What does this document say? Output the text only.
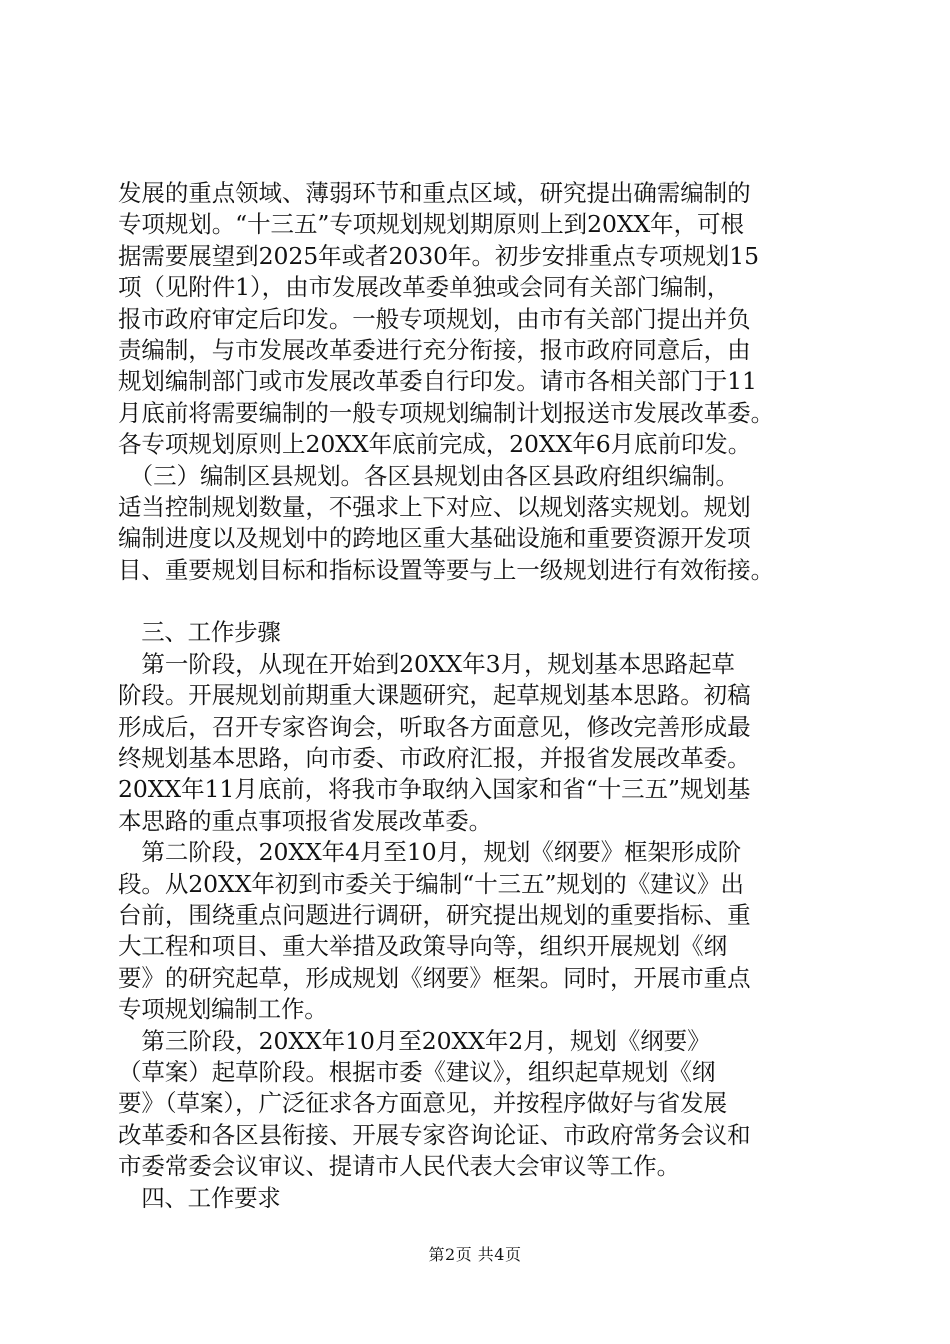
发展的重点领域、薄弱环节和重点区域，研究提出确需编制的
专项规划。“十三五”专项规划规划期原则上到20XX年，可根
据需要展望到2025年或者2030年。初步安排重点专项规划15
项（见附件1），由市发展改革委单独或会同有关部门编制，
报市政府审定后印发。一般专项规划，由市有关部门提出并负
责编制，与市发展改革委进行充分衔接，报市政府同意后，由
规划编制部门或市发展改革委自行印发。请市各相关部门于11
月底前将需要编制的一般专项规划编制计划报送市发展改革委。
各专项规划原则上20XX年底前完成，20XX年6月底前印发。
　（三）编制区县规划。各区县规划由各区县政府组织编制。
适当控制规划数量，不强求上下对应、以规划落实规划。规划
编制进度以及规划中的跨地区重大基础设施和重要资源开发项
目、重要规划目标和指标设置等要与上一级规划进行有效衔接。
　三、工作步骤
　第一阶段，从现在开始到20XX年3月，规划基本思路起草
阶段。开展规划前期重大课题研究，起草规划基本思路。初稿
形成后，召开专家咨询会，听取各方面意见，修改完善形成最
终规划基本思路，向市委、市政府汇报，并报省发展改革委。
20XX年11月底前，将我市争取纳入国家和省“十三五”规划基
本思路的重点事项报省发展改革委。
　第二阶段，20XX年4月至10月，规划《纲要》框架形成阶
段。从20XX年初到市委关于编制“十三五”规划的《建议》出
台前，围绕重点问题进行调研，研究提出规划的重要指标、重
大工程和项目、重大举措及政策导向等，组织开展规划《纲
要》的研究起草，形成规划《纲要》框架。同时，开展市重点
专项规划编制工作。
　第三阶段，20XX年10月至20XX年2月，规划《纲要》
（草案）起草阶段。根据市委《建议》，组织起草规划《纲
要》（草案），广泛征求各方面意见，并按程序做好与省发展
改革委和各区县衔接、开展专家咨询论证、市政府常务会议和
市委常委会议审议、提请市人民代表大会审议等工作。
　四、工作要求
第2页 共4页
